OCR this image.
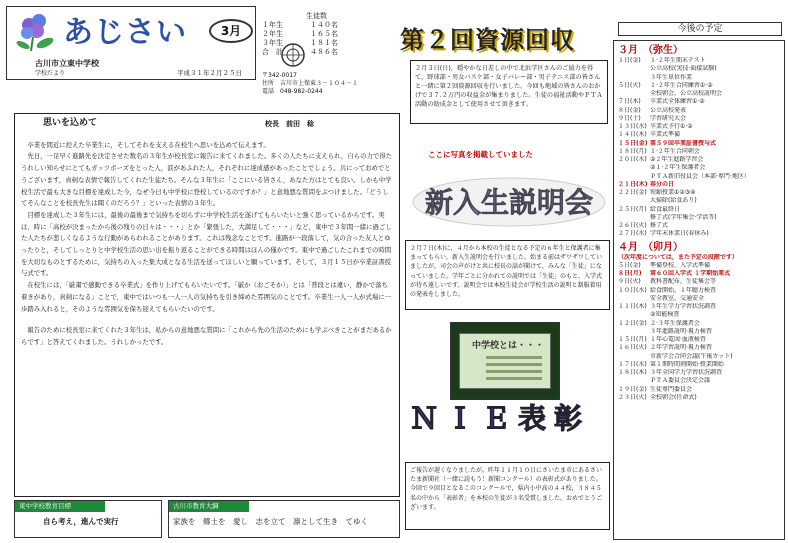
あじさい	3月
古川市立東中学校
学校だより	平成３１年２月２５日
生徒数
１年生	１４０名
２年生	１６５名
３年生	１８１名
合　計	４８６名
〒342-0017
住所　 吉川市上保東３－１０４－１
電話　 048-982-0244
第２回資源回収
２月３日(日)，穏やかな日差しの中で北浜学区さんのご協力を得て，野球部・男女バスケ部・女子バレー部・男子テニス部の皆さんと一緒に第２回資源回収を行いました。今回も地域の皆さんのおかげで３７.２万円の収益金が集まりました。生徒の福祉活動やＰＴＡ活動の助成金として使用させて頂きます。
思いを込めて	校長　前田　稔

卒業を間近に控えた卒業生に，そしてそれを支える在校生へ思いを込めて伝えます。

先日，一足早く進路先を決定させた数名の３年生が校長室に報告に来てくれました。多くの人たちに支えられ，自らの力で得たうれしい知らせにとてもガッツポーズをとった人，涙があふれた人，それぞれに達成感があったことでしょう。共にっておめでとうございます，真剣な表情で報告してくれた生徒たち。そんな３年生に「ここにいる皆さん，あなた方はとても良い。しかも中学校生活で最も大きな目標を達成した今，なぜ今日も中学校に登校しているのですか？」と意地悪な質問をぶつけました。「どうしてそんなことを校長先生は聞くのだろう？」といった表情の３年生。

目標を達成した３年生には，最後の最後まで気持ちを切らずに中学校生活を遂げてもらいたいと強く思っているからです。実は，時に「高校が決まったから後の残りの日々は・・・」とか「緊張した，大満足して・・・」など，東中で３年間一緒に過ごした人たちが悲しくなるような行動があらわれることがあります。これは残念なことです。進路が一段落して，気の合った友人とゆったりと，そしてしっとりと中学校生活の思い出を振り返ることができる時間はほんの僅かです。東中で過ごしたこれまでの時間を大切なものとするために，気持ちの入った集大成となる生活を送ってほしいと願っています。そして，３月１５日が卒業証書授与式です。

在校生には，「厳粛で感動できる卒業式」を作り上げてもらいたいです。「厳か（おごそか）」とは「普段とは違い，静かで落ち着きがあり，真剣になる」ことで，東中ではいつも一人一人の気持ちを引き締めた雰囲気のことです。卒業生一人一人が式場に一歩踏み入れると，そのような雰囲気を保ち迎えてもらいたいのです。

報告のために校長室に来てくれた３年生は，私からの意地悪な質問に「これから先の生活のためにも学ぶべきことがまだあるからです」と答えてくれました。うれしかったです。

東中学校教育目標
自ら考え，進んで実行
古川市教育大綱
家族を　郷土を　愛し　志を立て　凛として生き　てゆく
ここに写真を掲載していました
新入生説明会
２月７日(木)に，４月から本校の生徒となる予定の６年生と保護者に集まってもらい，新入生説明会を行いました。始まる前はザワザワしていましたが，司会の声がけと共に校長の話が聞けて，みんな「生徒」になっていました。学年ごとに分かれての説明では「生徒」のもと，入学式が待ち遠しいです。説明会では本校生徒会が学校生活の説明と制服着用の発表をしました。
中学校とは・・・
ＮＩＥ表彰
ご報告が遅くなりましたが，昨年１１月１０日にさいたま市にあるさいたま新聞社（一緒に読もう！新聞コンクール）の表彰式がありました。今回で９回目となるこのコンクールで，県内小中高の４４校，３８４５名の中から「表彰者」を本校の生徒が３名受賞しました。おめでとうございます。
今後の予定
３月　（弥生）
１日(金) １·２年生期末テスト
公立高校(実技·面接試験)
３年生単位作業
５日(火) １·２年生合同練習①·②
全校朝会，公立高校説明会
７日(木) 卒業式全体練習①·②
８日(金) 公立高校発表
９日(土) 学習研究大会
１３日(水) 卒業式予行①·②
１４日(木) 卒業式準備
１５日(金) 第５９回卒業証書授与式
１８日(月) １·２年生合同朝会
２０日(水) ②２年生進路学習会
②１·２年生保護者会
ＰＴＡ新旧役員会（本部·専門·地区）
２１日(木) 春分の日
２２日(金) 短縮授業①②③④
大掃除(給食あり)
２５日(月) 給食最終日
修了式(学年集会·学活等)
２６日(火) 修了式
２７日(水) 学年末休業日(春休み)
４月　（卯月）
（次年度については，また予定の段階です）
５日(金) 準備登校，入学式準備
８日(月) 第６０回入学式 １学期始業式
９日(火) 教科書配布，生徒集会等
１０日(水) 給食開始，１年聴力検査
安全教室，交通安全
１１日(木) ３年生学力学習状況調査
②知能検査
１２日(金) ２·３年生保護者会
３年進路説明·視力検査
１５日(月) １年心電図·血液検査
１６日(火) ２年学習説明·視力検査
市新学会合同会議(午後カット)
１７日(水) 第１期時間割開始·授業開始
１８日(木) ３年全国学力学習状況調査
ＰＴＡ委員会決定会議
１９日(金) 生徒専門委員会
２３日(火) 全校朝会(任命式)
